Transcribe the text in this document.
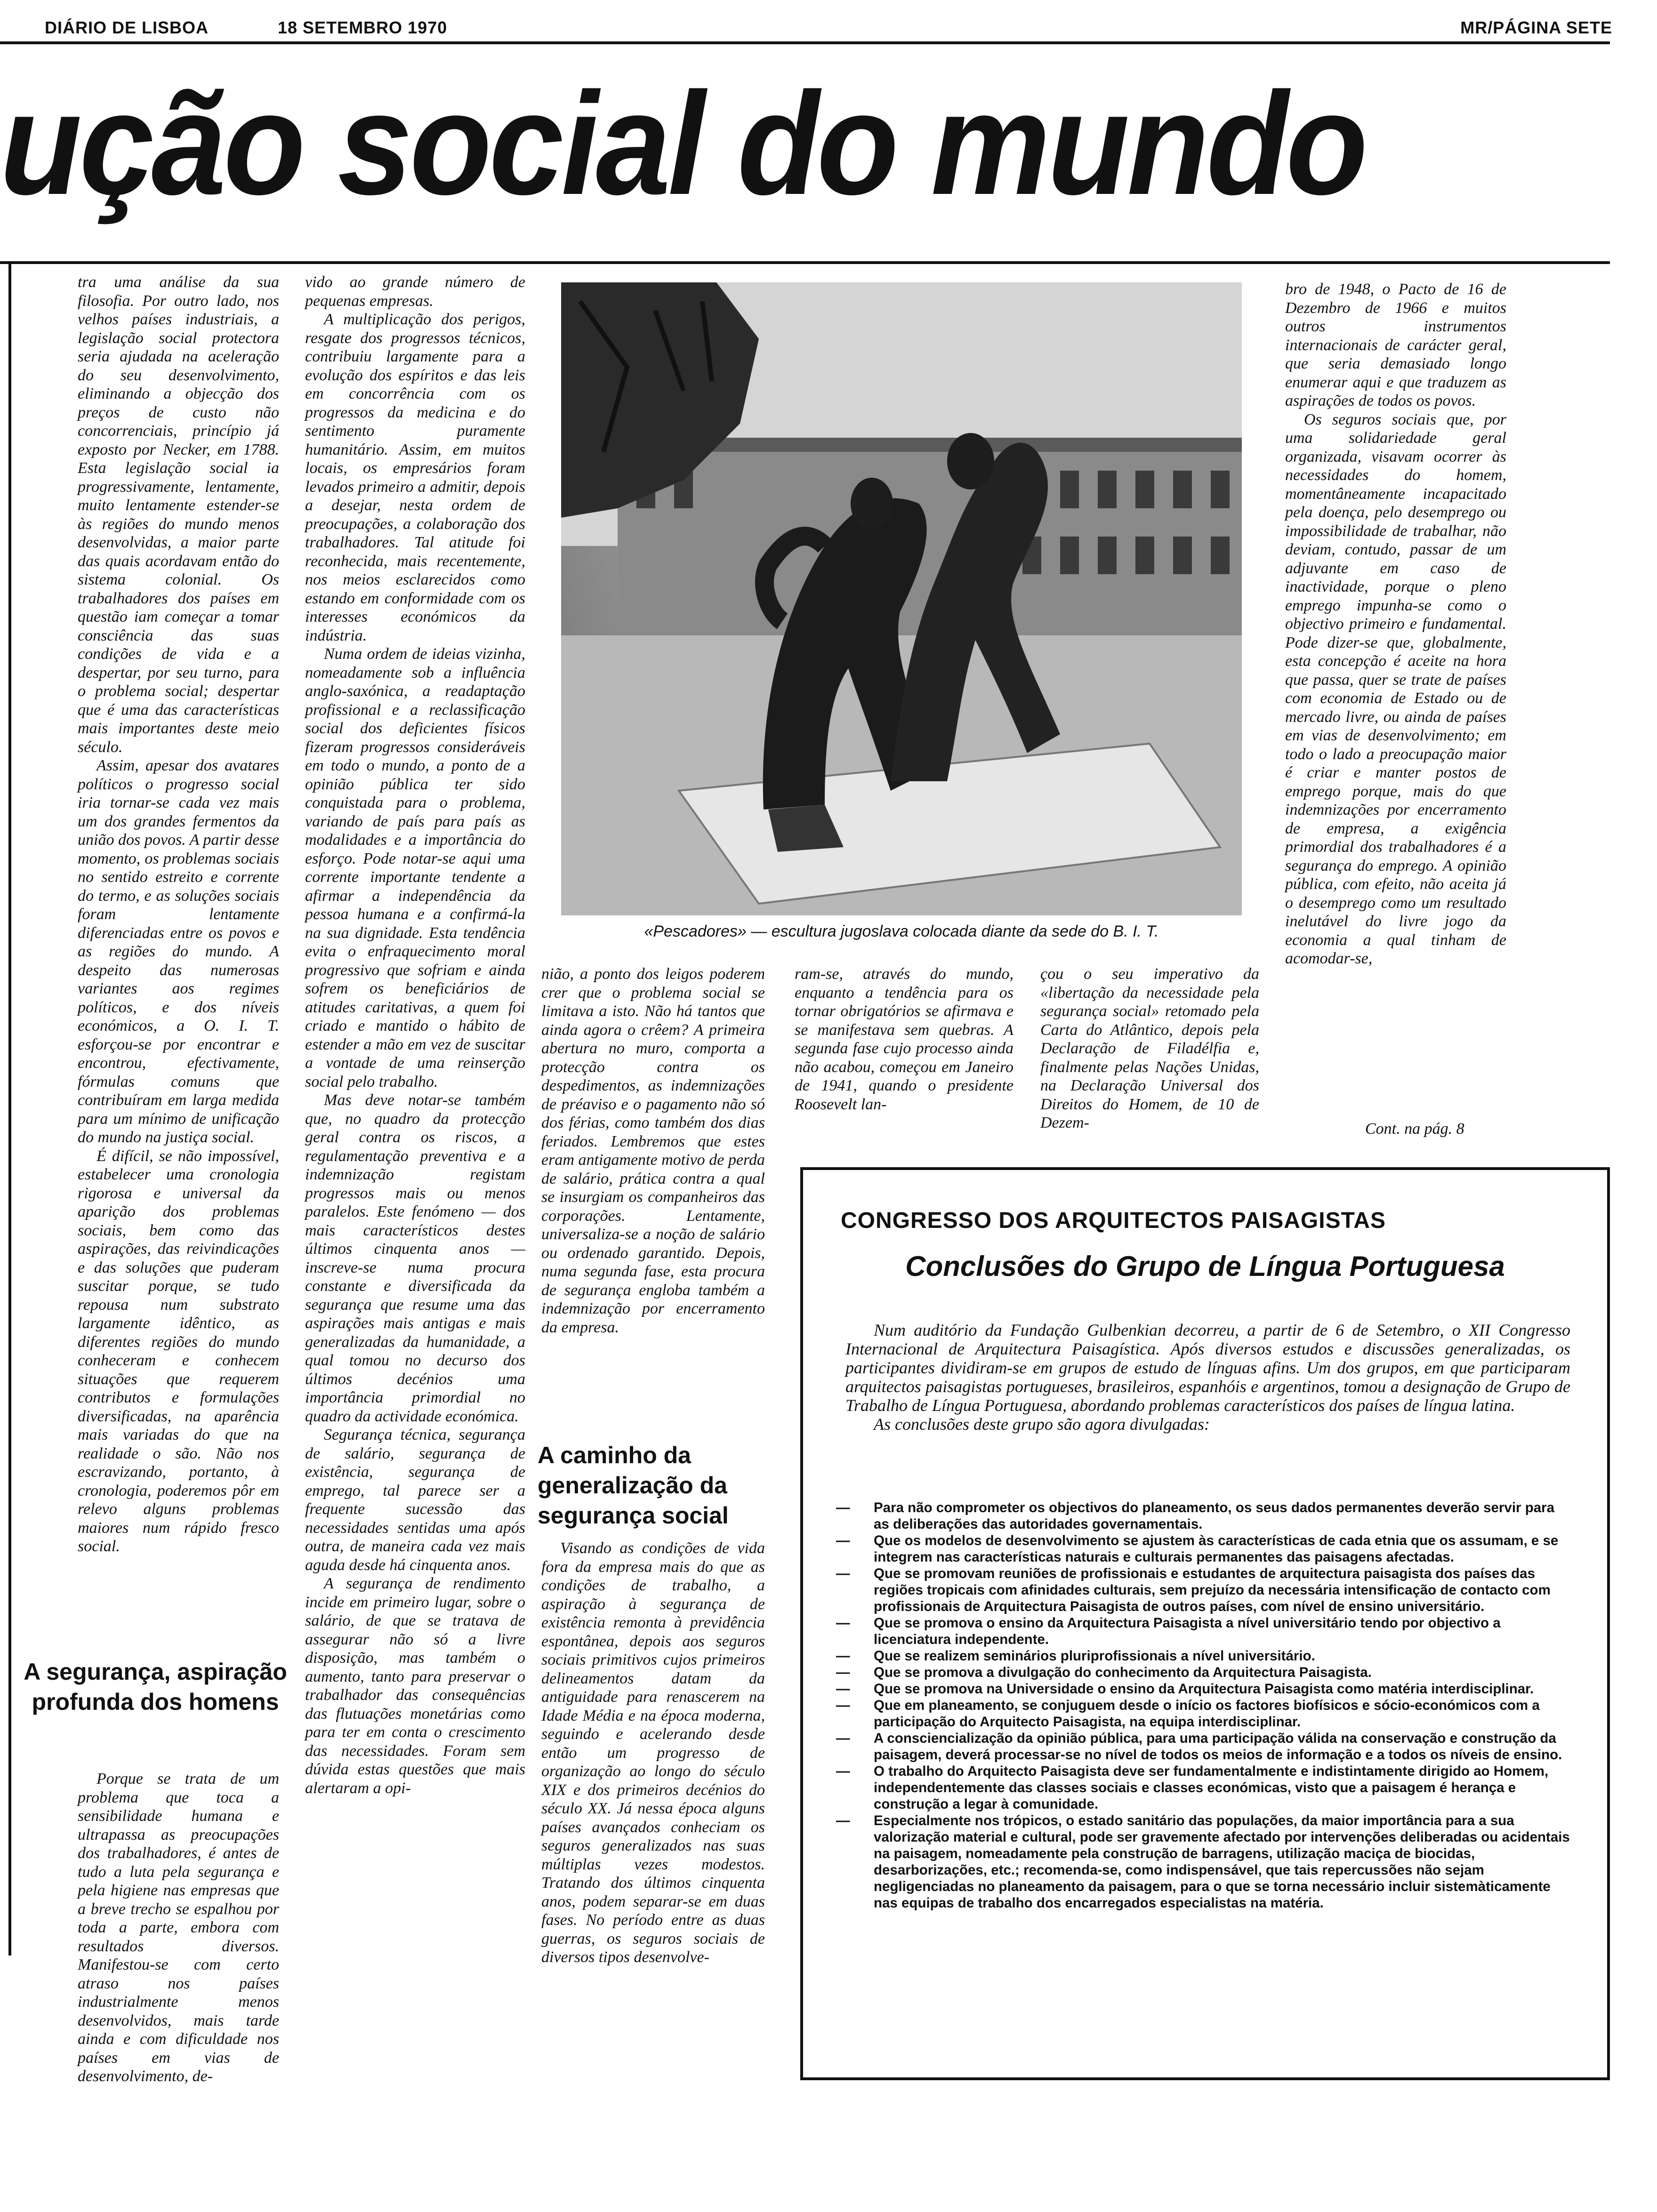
DIÁRIO DE LISBOA	18 SETEMBRO 1970	MR/PÁGINA SETE
ução social do mundo

tra uma análise da sua filosofia. Por outro lado, nos velhos países industriais, a legislação social protectora seria ajudada na aceleração do seu desenvolvimento, eliminando a objecção dos preços de custo não concorrenciais, princípio já exposto por Necker, em 1788. Esta legislação social ia progressivamente, lentamente, muito lentamente estender-se às regiões do mundo menos desenvolvidas, a maior parte das quais acordavam então do sistema colonial. Os trabalhadores dos países em questão iam começar a tomar consciência das suas condições de vida e a despertar, por seu turno, para o problema social; despertar que é uma das características mais importantes deste meio século.

Assim, apesar dos avatares políticos o progresso social iria tornar-se cada vez mais um dos grandes fermentos da união dos povos. A partir desse momento, os problemas sociais no sentido estreito e corrente do termo, e as soluções sociais foram lentamente diferenciadas entre os povos e as regiões do mundo. A despeito das numerosas variantes aos regimes políticos, e dos níveis económicos, a O. I. T. esforçou-se por encontrar e encontrou, efectivamente, fórmulas comuns que contribuíram em larga medida para um mínimo de unificação do mundo na justiça social.

É difícil, se não impossível, estabelecer uma cronologia rigorosa e universal da aparição dos problemas sociais, bem como das aspirações, das reivindicações e das soluções que puderam suscitar porque, se tudo repousa num substrato largamente idêntico, as diferentes regiões do mundo conheceram e conhecem situações que requerem contributos e formulações diversificadas, na aparência mais variadas do que na realidade o são. Não nos escravizando, portanto, à cronologia, poderemos pôr em relevo alguns problemas maiores num rápido fresco social.

A segurança, aspiração profunda dos homens

Porque se trata de um problema que toca a sensibilidade humana e ultrapassa as preocupações dos trabalhadores, é antes de tudo a luta pela segurança e pela higiene nas empresas que a breve trecho se espalhou por toda a parte, embora com resultados diversos. Manifestou-se com certo atraso nos países industrialmente menos desenvolvidos, mais tarde ainda e com dificuldade nos países em vias de desenvolvimento, de-

vido ao grande número de pequenas empresas.

A multiplicação dos perigos, resgate dos progressos técnicos, contribuiu largamente para a evolução dos espíritos e das leis em concorrência com os progressos da medicina e do sentimento puramente humanitário. Assim, em muitos locais, os empresários foram levados primeiro a admitir, depois a desejar, nesta ordem de preocupações, a colaboração dos trabalhadores. Tal atitude foi reconhecida, mais recentemente, nos meios esclarecidos como estando em conformidade com os interesses económicos da indústria.

Numa ordem de ideias vizinha, nomeadamente sob a influência anglo-saxónica, a readaptação profissional e a reclassificação social dos deficientes físicos fizeram progressos consideráveis em todo o mundo, a ponto de a opinião pública ter sido conquistada para o problema, variando de país para país as modalidades e a importância do esforço. Pode notar-se aqui uma corrente importante tendente a afirmar a independência da pessoa humana e a confirmá-la na sua dignidade. Esta tendência evita o enfraquecimento moral progressivo que sofriam e ainda sofrem os beneficiários de atitudes caritativas, a quem foi criado e mantido o hábito de estender a mão em vez de suscitar a vontade de uma reinserção social pelo trabalho.

Mas deve notar-se também que, no quadro da protecção geral contra os riscos, a regulamentação preventiva e a indemnização registam progressos mais ou menos paralelos. Este fenómeno — dos mais característicos destes últimos cinquenta anos — inscreve-se numa procura constante e diversificada da segurança que resume uma das aspirações mais antigas e mais generalizadas da humanidade, a qual tomou no decurso dos últimos decénios uma importância primordial no quadro da actividade económica.

Segurança técnica, segurança de salário, segurança de existência, segurança de emprego, tal parece ser a frequente sucessão das necessidades sentidas uma após outra, de maneira cada vez mais aguda desde há cinquenta anos.

A segurança de rendimento incide em primeiro lugar, sobre o salário, de que se tratava de assegurar não só a livre disposição, mas também o aumento, tanto para preservar o trabalhador das consequências das flutuações monetárias como para ter em conta o crescimento das necessidades. Foram sem dúvida estas questões que mais alertaram a opi-

«Pescadores» — escultura jugoslava colocada diante da sede do B. I. T.

nião, a ponto dos leigos poderem crer que o problema social se limitava a isto. Não há tantos que ainda agora o crêem? A primeira abertura no muro, comporta a protecção contra os despedimentos, as indemnizações de préaviso e o pagamento não só dos férias, como também dos dias feriados. Lembremos que estes eram antigamente motivo de perda de salário, prática contra a qual se insurgiam os companheiros das corporações. Lentamente, universaliza-se a noção de salário ou ordenado garantido. Depois, numa segunda fase, esta procura de segurança engloba também a indemnização por encerramento da empresa.

A caminho da generalização da segurança social

Visando as condições de vida fora da empresa mais do que as condições de trabalho, a aspiração à segurança de existência remonta à previdência espontânea, depois aos seguros sociais primitivos cujos primeiros delineamentos datam da antiguidade para renascerem na Idade Média e na época moderna, seguindo e acelerando desde então um progresso de organização ao longo do século XIX e dos primeiros decénios do século XX. Já nessa época alguns países avançados conheciam os seguros generalizados nas suas múltiplas vezes modestos. Tratando dos últimos cinquenta anos, podem separar-se em duas fases. No período entre as duas guerras, os seguros sociais de diversos tipos desenvolve-

ram-se, através do mundo, enquanto a tendência para os tornar obrigatórios se afirmava e se manifestava sem quebras. A segunda fase cujo processo ainda não acabou, começou em Janeiro de 1941, quando o presidente Roosevelt lan-

çou o seu imperativo da «libertação da necessidade pela segurança social» retomado pela Carta do Atlântico, depois pela Declaração de Filadélfia e, finalmente pelas Nações Unidas, na Declaração Universal dos Direitos do Homem, de 10 de Dezem-

bro de 1948, o Pacto de 16 de Dezembro de 1966 e muitos outros instrumentos internacionais de carácter geral, que seria demasiado longo enumerar aqui e que traduzem as aspirações de todos os povos.

Os seguros sociais que, por uma solidariedade geral organizada, visavam ocorrer às necessidades do homem, momentâneamente incapacitado pela doença, pelo desemprego ou impossibilidade de trabalhar, não deviam, contudo, passar de um adjuvante em caso de inactividade, porque o pleno emprego impunha-se como o objectivo primeiro e fundamental. Pode dizer-se que, globalmente, esta concepção é aceite na hora que passa, quer se trate de países com economia de Estado ou de mercado livre, ou ainda de países em vias de desenvolvimento; em todo o lado a preocupação maior é criar e manter postos de emprego porque, mais do que indemnizações por encerramento de empresa, a exigência primordial dos trabalhadores é a segurança do emprego. A opinião pública, com efeito, não aceita já o desemprego como um resultado inelutável do livre jogo da economia a qual tinham de acomodar-se,

Cont. na pág. 8
CONGRESSO DOS ARQUITECTOS PAISAGISTAS
Conclusões do Grupo de Língua Portuguesa

Num auditório da Fundação Gulbenkian decorreu, a partir de 6 de Setembro, o XII Congresso Internacional de Arquitectura Paisagística. Após diversos estudos e discussões generalizadas, os participantes dividiram-se em grupos de estudo de línguas afins. Um dos grupos, em que participaram arquitectos paisagistas portugueses, brasileiros, espanhóis e argentinos, tomou a designação de Grupo de Trabalho de Língua Portuguesa, abordando problemas característicos dos países de língua latina.

As conclusões deste grupo são agora divulgadas:

— Para não comprometer os objectivos do planeamento, os seus dados permanentes deverão servir para as deliberações das autoridades governamentais.

— Que os modelos de desenvolvimento se ajustem às características de cada etnia que os assumam, e se integrem nas características naturais e culturais permanentes das paisagens afectadas.

— Que se promovam reuniões de profissionais e estudantes de arquitectura paisagista dos países das regiões tropicais com afinidades culturais, sem prejuízo da necessária intensificação de contacto com profissionais de Arquitectura Paisagista de outros países, com nível de ensino universitário.

— Que se promova o ensino da Arquitectura Paisagista a nível universitário tendo por objectivo a licenciatura independente.

— Que se realizem seminários pluriprofissionais a nível universitário.

— Que se promova a divulgação do conhecimento da Arquitectura Paisagista.

— Que se promova na Universidade o ensino da Arquitectura Paisagista como matéria interdisciplinar.

— Que em planeamento, se conjuguem desde o início os factores biofísicos e sócio-económicos com a participação do Arquitecto Paisagista, na equipa interdisciplinar.

— A consciencialização da opinião pública, para uma participação válida na conservação e construção da paisagem, deverá processar-se no nível de todos os meios de informação e a todos os níveis de ensino.

— O trabalho do Arquitecto Paisagista deve ser fundamentalmente e indistintamente dirigido ao Homem, independentemente das classes sociais e classes económicas, visto que a paisagem é herança e construção a legar à comunidade.

— Especialmente nos trópicos, o estado sanitário das populações, da maior importância para a sua valorização material e cultural, pode ser gravemente afectado por intervenções deliberadas ou acidentais na paisagem, nomeadamente pela construção de barragens, utilização maciça de biocidas, desarborizações, etc.; recomenda-se, como indispensável, que tais repercussões não sejam negligenciadas no planeamento da paisagem, para o que se torna necessário incluir sistemàticamente nas equipas de trabalho dos encarregados especialistas na matéria.
